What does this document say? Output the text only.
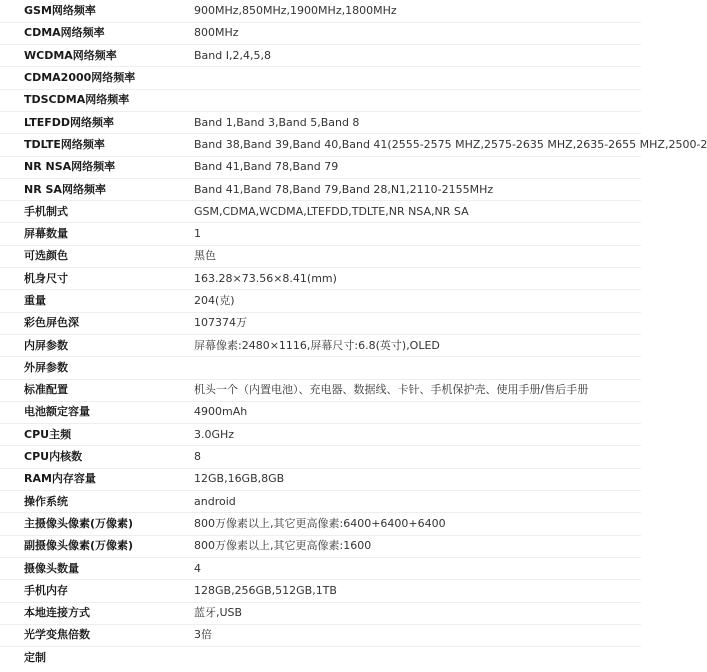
GSM网络频率	900MHz,850MHz,1900MHz,1800MHz
CDMA网络频率	800MHz
WCDMA网络频率	Band I,2,4,5,8
CDMA2000网络频率	
TDSCDMA网络频率	
LTEFDD网络频率	Band 1,Band 3,Band 5,Band 8
TDLTE网络频率	Band 38,Band 39,Band 40,Band 41(2555-2575 MHZ,2575-2635 MHZ,2635-2655 MHZ,2500-2
NR NSA网络频率	Band 41,Band 78,Band 79
NR SA网络频率	Band 41,Band 78,Band 79,Band 28,N1,2110-2155MHz
手机制式	GSM,CDMA,WCDMA,LTEFDD,TDLTE,NR NSA,NR SA
屏幕数量	1
可选颜色	黑色
机身尺寸	163.28×73.56×8.41(mm)
重量	204(克)
彩色屏色深	107374万
内屏参数	屏幕像素:2480×1116,屏幕尺寸:6.8(英寸),OLED
外屏参数	
标准配置	机头一个（内置电池）、充电器、数据线、卡针、手机保护壳、使用手册/售后手册
电池额定容量	4900mAh
CPU主频	3.0GHz
CPU内核数	8
RAM内存容量	12GB,16GB,8GB
操作系统	android
主摄像头像素(万像素)	800万像素以上,其它更高像素:6400+6400+6400
副摄像头像素(万像素)	800万像素以上,其它更高像素:1600
摄像头数量	4
手机内存	128GB,256GB,512GB,1TB
本地连接方式	蓝牙,USB
光学变焦倍数	3倍
定制	
